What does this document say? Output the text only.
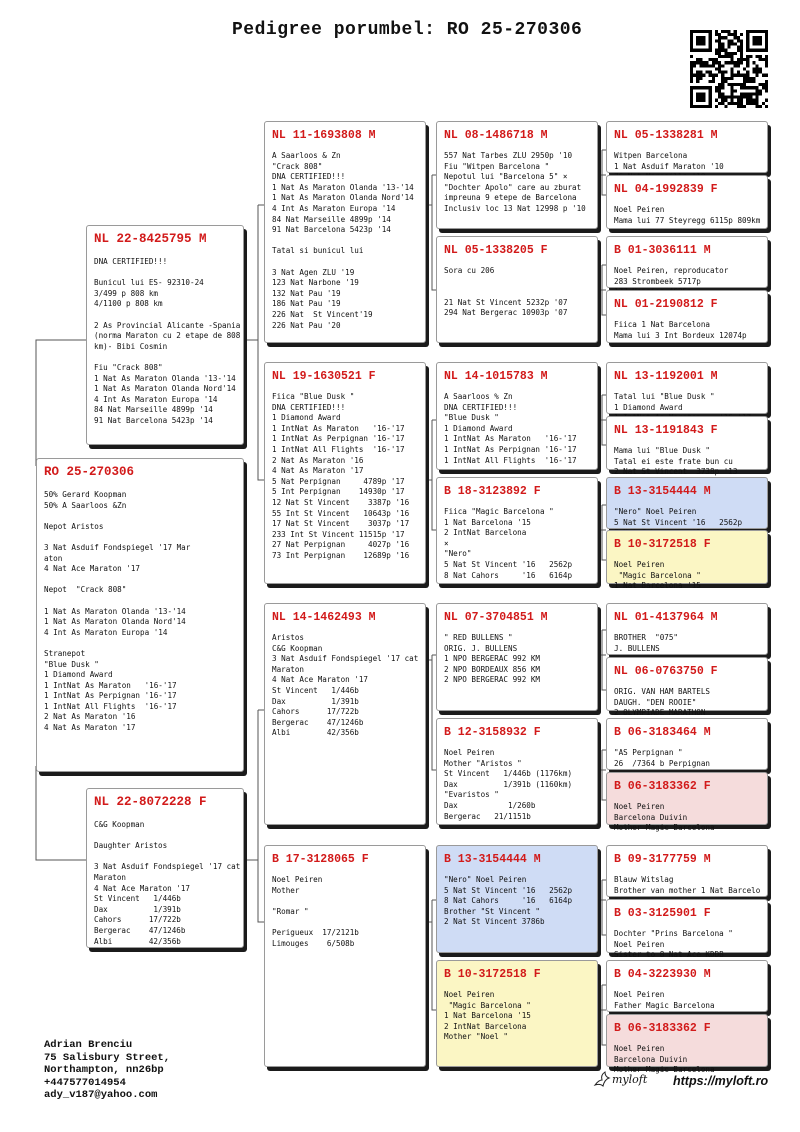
Pedigree porumbel: RO 25-270306
RO 25-270306
50% Gerard Koopman
50% A Saarloos &Zn

Nepot Aristos

3 Nat Asduif Fondspiegel '17 Mar
aton
4 Nat Ace Maraton '17

Nepot  "Crack 808"

1 Nat As Maraton Olanda '13-'14
1 Nat As Maraton Olanda Nord'14
4 Int As Maraton Europa '14

Stranepot
"Blue Dusk "
1 Diamond Award
1 IntNat As Maraton   '16-'17
1 IntNat As Perpignan '16-'17
1 IntNat All Flights  '16-'17
2 Nat As Maraton '16
4 Nat As Maraton '17
NL 22-8425795 M
DNA CERTIFIED!!!

Bunicul lui ES- 92310-24
3/499 p 808 km
4/1100 p 808 km

2 As Provincial Alicante -Spania
(norma Maraton cu 2 etape de 808
km)- Bibi Cosmin

Fiu "Crack 808"
1 Nat As Maraton Olanda '13-'14
1 Nat As Maraton Olanda Nord'14
4 Int As Maraton Europa '14
84 Nat Marseille 4899p '14
91 Nat Barcelona 5423p '14
NL 22-8072228 F
C&G Koopman

Daughter Aristos

3 Nat Asduif Fondspiegel '17 cat
Maraton
4 Nat Ace Maraton '17
St Vincent   1/446b
Dax          1/391b
Cahors      17/722b
Bergerac    47/1246b
Albi        42/356b
NL 11-1693808 M
A Saarloos & Zn
"Crack 808"
DNA CERTIFIED!!!
1 Nat As Maraton Olanda '13-'14
1 Nat As Maraton Olanda Nord'14
4 Int As Maraton Europa '14
84 Nat Marseille 4899p '14
91 Nat Barcelona 5423p '14

Tatal si bunicul lui

3 Nat Agen ZLU '19
123 Nat Narbone '19
132 Nat Pau '19
186 Nat Pau '19
226 Nat  St Vincent'19
226 Nat Pau '20
NL 19-1630521 F
Fiica "Blue Dusk "
DNA CERTIFIED!!!
1 Diamond Award
1 IntNat As Maraton   '16-'17
1 IntNat As Perpignan '16-'17
1 IntNat All Flights  '16-'17
2 Nat As Maraton '16
4 Nat As Maraton '17
5 Nat Perpignan     4789p '17
5 Int Perpignan    14930p '17
12 Nat St Vincent    3387p '16
55 Int St Vincent   10643p '16
17 Nat St Vincent    3037p '17
233 Int St Vincent 11515p '17
27 Nat Perpignan     4027p '16
73 Int Perpignan    12689p '16
NL 14-1462493 M
Aristos
C&G Koopman
3 Nat Asduif Fondspiegel '17 cat
Maraton
4 Nat Ace Maraton '17
St Vincent   1/446b
Dax          1/391b
Cahors      17/722b
Bergerac    47/1246b
Albi        42/356b
B 17-3128065 F
Noel Peiren
Mother

"Romar "

Perigueux  17/2121b
Limouges    6/508b
NL 08-1486718 M
557 Nat Tarbes ZLU 2950p '10
Fiu "Witpen Barcelona "
Nepotul lui "Barcelona 5" ×
"Dochter Apolo" care au zburat
impreuna 9 etepe de Barcelona
Inclusiv loc 13 Nat 12998 p '10
NL 05-1338205 F
Sora cu 206

21 Nat St Vincent 5232p '07
294 Nat Bergerac 10903p '07
NL 14-1015783 M
A Saarloos % Zn
DNA CERTIFIED!!!
"Blue Dusk "
1 Diamond Award
1 IntNat As Maraton   '16-'17
1 IntNat As Perpignan '16-'17
1 IntNat All Flights  '16-'17
B 18-3123892 F
Fiica "Magic Barcelona "
1 Nat Barcelona '15
2 IntNat Barcelona
×
"Nero"
5 Nat St Vincent '16   2562p
8 Nat Cahors     '16   6164p
NL 07-3704851 M
" RED BULLENS "
ORIG. J. BULLENS
1 NPO BERGERAC 992 KM
2 NPO BORDEAUX 856 KM
2 NPO BERGERAC 992 KM
B 12-3158932 F
Noel Peiren
Mother "Aristos "
St Vincent   1/446b (1176km)
Dax          1/391b (1160km)
"Evaristos "
Dax           1/260b
Bergerac   21/1151b
B 13-3154444 M
"Nero" Noel Peiren
5 Nat St Vincent '16   2562p
8 Nat Cahors     '16   6164p
Brother "St Vincent "
2 Nat St Vincent 3786b
B 10-3172518 F
Noel Peiren
"Magic Barcelona "
1 Nat Barcelona '15
2 IntNat Barcelona
Mother "Noel "
NL 05-1338281 M
Witpen Barcelona
1 Nat Asduif Maraton '10

NL 04-1992839 F
Noel Peiren
Mama lui 77 Steyregg 6115p 809km
B 01-3036111 M
Noel Peiren, reproducator
283 Strombeek 5717p

NL 01-2190812 F
Fiica 1 Nat Barcelona
Mama lui 3 Int Bordeux 12074p
NL 13-1192001 M
Tatal lui "Blue Dusk "
1 Diamond Award

NL 13-1191843 F
Mama lui "Blue Dusk "
Tatal ei este frate bun cu
2 Nat St Vincent  3738p '13
B 13-3154444 M
"Nero" Noel Peiren
5 Nat St Vincent '16   2562p

B 10-3172518 F
Noel Peiren
"Magic Barcelona "
1 Nat Barcelona '15
NL 01-4137964 M
BROTHER  "075"
J. BULLENS
NL 06-0763750 F
ORIG. VAN HAM BARTELS
DAUGH. "DEN ROOIE"
2 OLYMPIADE MARATHON
B 06-3183464 M
"AS Perpignan "
26  /7364 b Perpignan
B 06-3183362 F
Noel Peiren
Barcelona Duivin
Mother Magic Barcelona
B 09-3177759 M
Blauw Witslag
Brother van mother 1 Nat Barcelo

B 03-3125901 F
Dochter "Prins Barcelona "
Noel Peiren
Sister to 8 Nat Ace KDDB
B 04-3223930 M
Noel Peiren
Father Magic Barcelona
B 06-3183362 F
Noel Peiren
Barcelona Duivin
Mother Magic Barcelona
Adrian Brenciu
75 Salisbury Street,
Northampton, nn26bp
+447577014954
ady_v187@yahoo.com
myloft https://myloft.ro
